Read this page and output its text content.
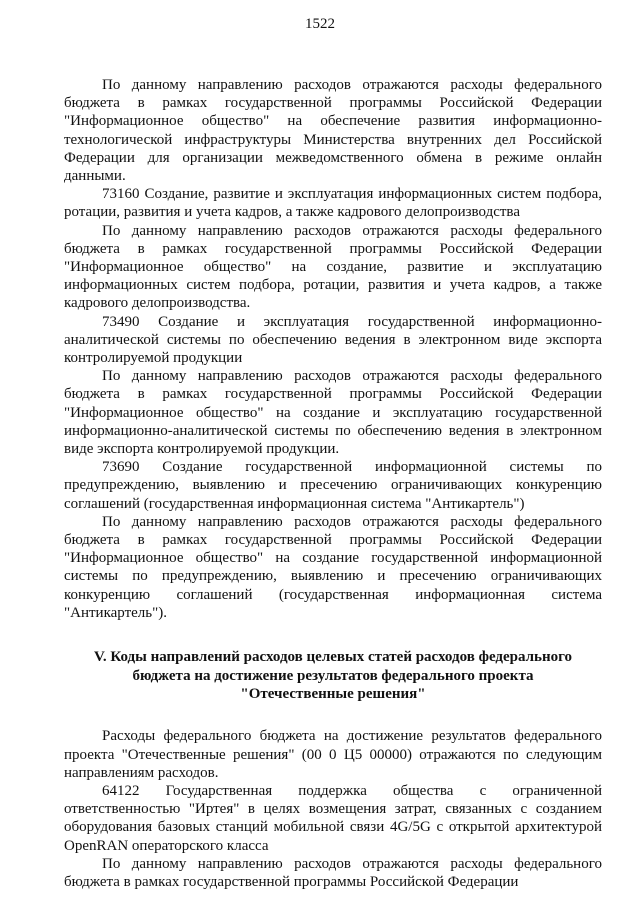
1522

По данному направлению расходов отражаются расходы федерального бюджета в рамках государственной программы Российской Федерации "Информационное общество" на обеспечение развития информационно-технологической инфраструктуры Министерства внутренних дел Российской Федерации для организации межведомственного обмена в режиме онлайн данными.

73160 Создание, развитие и эксплуатация информационных систем подбора, ротации, развития и учета кадров, а также кадрового делопроизводства

По данному направлению расходов отражаются расходы федерального бюджета в рамках государственной программы Российской Федерации "Информационное общество" на создание, развитие и эксплуатацию информационных систем подбора, ротации, развития и учета кадров, а также кадрового делопроизводства.

73490 Создание и эксплуатация государственной информационно-аналитической системы по обеспечению ведения в электронном виде экспорта контролируемой продукции

По данному направлению расходов отражаются расходы федерального бюджета в рамках государственной программы Российской Федерации "Информационное общество" на создание и эксплуатацию государственной информационно-аналитической системы по обеспечению ведения в электронном виде экспорта контролируемой продукции.

73690 Создание государственной информационной системы по предупреждению, выявлению и пресечению ограничивающих конкуренцию соглашений (государственная информационная система "Антикартель")

По данному направлению расходов отражаются расходы федерального бюджета в рамках государственной программы Российской Федерации "Информационное общество" на создание государственной информационной системы по предупреждению, выявлению и пресечению ограничивающих конкуренцию соглашений (государственная информационная система "Антикартель").

V. Коды направлений расходов целевых статей расходов федерального
бюджета на достижение результатов федерального проекта
"Отечественные решения"

Расходы федерального бюджета на достижение результатов федерального проекта "Отечественные решения" (00 0 Ц5 00000) отражаются по следующим направлениям расходов.

64122 Государственная поддержка общества с ограниченной ответственностью "Иртея" в целях возмещения затрат, связанных с созданием оборудования базовых станций мобильной связи 4G/5G с открытой архитектурой OpenRAN операторского класса

По данному направлению расходов отражаются расходы федерального бюджета в рамках государственной программы Российской Федерации
